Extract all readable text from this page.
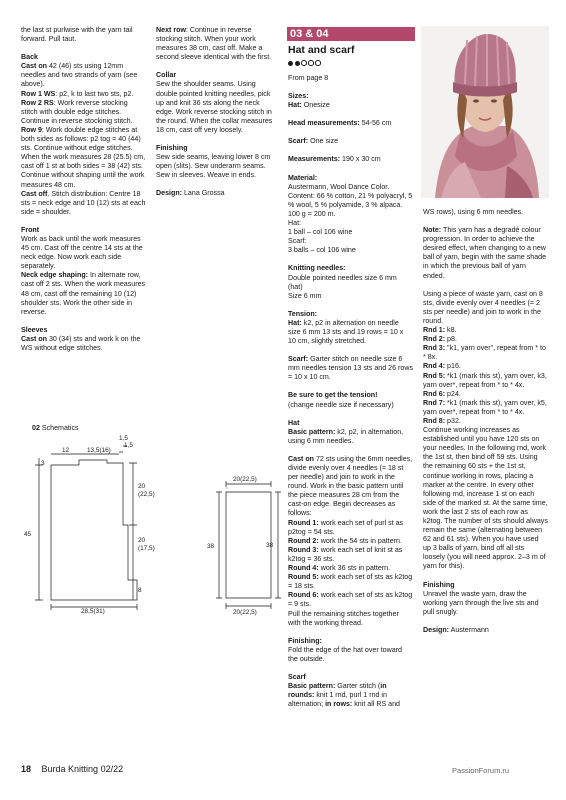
the last st purlwise with the yarn tail forward. Pull taut.

Back

Cast on 42 (46) sts using 12mm needles and two strands of yarn (see above).
Row 1 WS: p2, k to last two sts, p2.
Row 2 RS: Work reverse stocking stitch with double edge stitches. Continue in reverse stockinig stitch.
Row 9: Work double edge stitches at both sides as follows: p2 tog = 40 (44) sts. Continue without edge stitches. When the work measures 28 (25.5) cm, cast off 1 st at both sides = 38 (42) sts. Continue without shaping until the work measures 48 cm.
Cast off. Stitch distribution: Centre 18 sts = neck edge and 10 (12) sts at each side = shoulder.

Front

Work as back until the work measures 45 cm. Cast off the centre 14 sts at the neck edge. Now work each side separately.
Neck edge shaping: In alternate row, cast off 2 sts. When the work measures 48 cm, cast off the remaining 10 (12) shoulder sts. Work the other side in reverse.

Sleeves

Cast on 30 (34) sts and work k on the WS without edge stitches.

Next row: Continue in reverse stocking stitch. When your work measures 38 cm, cast off. Make a second sleeve identical with the first.

Collar

Sew the shoulder seams. Using double pointed knitting needles, pick up and knit 36 sts along the neck edge. Work reverse stocking stitch in the round. When the collar measures 18 cm, cast off very loosely.

Finishing

Sew side seams, leaving lower 8 cm open (slits). Sew underarm seams. Sew in sleeves. Weave in ends.

Design: Lana Grossa

03 & 04
Hat and scarf

From page 8

Sizes:

Hat: Onesize

Head measurements: 54-56 cm

Scarf: One size

Measurements: 190 x 30 cm

Material:

Austermann, Wool Dance Color. Content: 66 % cotton, 21 % polyacryl, 5 % wool, 5 % polyamide, 3 % alpaca. 100 g = 200 m.
Hat:
1 ball – col 106 wine
Scarf:
3 balls – col 106 wine

Knitting needles:

Double pointed needles size 6 mm (hat)
Size 6 mm

Tension:

Hat: k2, p2 in alternation on needle size 6 mm 13 sts and 19 rows = 10 x 10 cm, slightly stretched.

Scarf: Garter stitch on needle size 6 mm needles tension 13 sts and 26 rows = 10 x 10 cm.

Be sure to get the tension!
(change needle size if necessary)

Hat

Basic pattern: k2, p2, in alternation, using 6 mm needles.

Cast on 72 sts using the 6mm needles, divide evenly over 4 needles (= 18 st per needle) and join to work in the round. Work in the basic pattern until the piece measures 28 cm from the cast-on edge. Begin decreases as follows:
Round 1: work each set of purl st as p2tog = 54 sts.
Round 2: work the 54 sts in pattern.
Round 3: work each set of knit st as k2tog = 36 sts.
Round 4: work 36 sts in pattern.
Round 5: work each set of sts as k2tog = 18 sts.
Round 6: work each set of sts as k2tog = 9 sts.
Pull the remaining stitches together with the working thread.

Finishing:

Fold the edge of the hat over toward the outside.

Scarf

Basic pattern: Garter stitch (in rounds: knit 1 rnd, purl 1 rnd in alternation; in rows: knit all RS and

WS rows), using 6 mm needles.

Note: This yarn has a degradé colour progression. In order to achieve the desired effect, when changing to a new ball of yarn, begin with the same shade in which the previous ball of yarn ended.

Using a piece of waste yarn, cast on 8 sts, divide evenly over 4 needles (= 2 sts per needle) and join to work in the round.
Rnd 1: k8.
Rnd 2: p8.
Rnd 3: "k1, yarn over", repeat from * to * 8x.
Rnd 4: p16.
Rnd 5: *k1 (mark this st), yarn over, k3, yarn over*, repeat from * to * 4x.
Rnd 6: p24.
Rnd 7: *k1 (mark this st), yarn over, k5, yarn over*, repeat from * to * 4x.
Rnd 8: p32.
Continue working increases as established until you have 120 sts on your needles. In the following rnd, work the 1st st, then bind off 59 sts. Using the remaining 60 sts + the 1st st, continue working in rows, placing a marker at the centre. In every other following rnd, increase 1 st on each side of the marked st. At the same time, work the last 2 sts of each row as k2tog. The number of sts should always remain the same (alternating between 62 and 61 sts). When you have used up 3 balls of yarn, bind off all sts loosely (you will need approx. 2–3 m of yarn for this).

Finishing

Unravel the waste yarn, draw the working yarn through the live sts and pull snugly.

Design: Austermann

02 Schematics
1,5
1,5
12	13,5(16)
3
45
20
(22,5)
20
(17,5)
8
28,5(31)
20(22,5)
38
20(22,5)
38
18 Burda Knitting 02/22	PassionForum.ru
